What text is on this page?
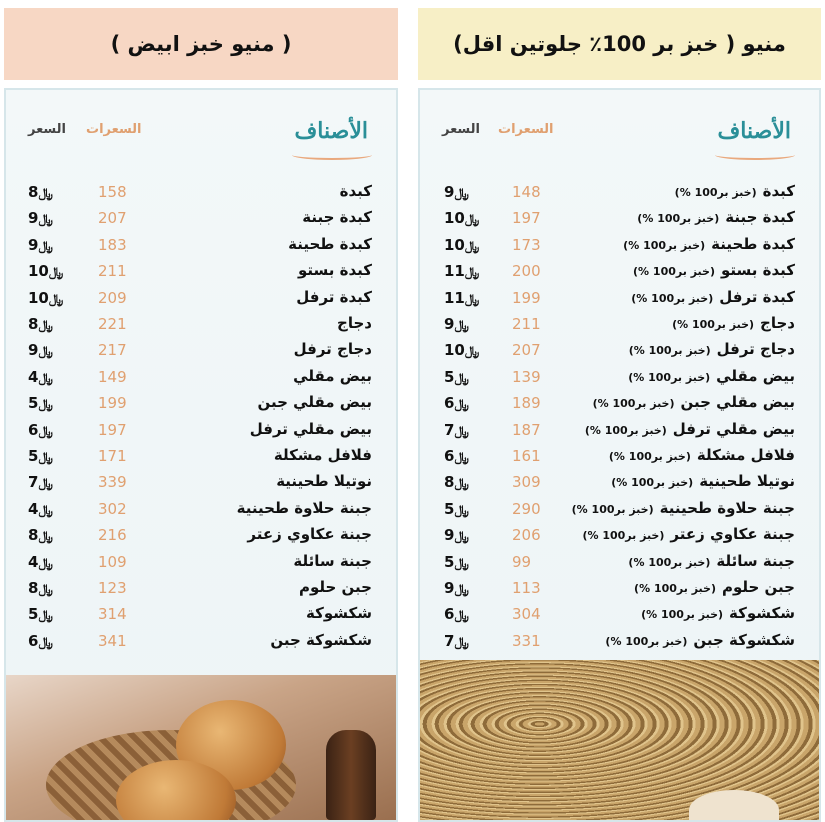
( منيو خبز ابيض )
الأصناف
السعرات
السعر
كبدة
158
﷼8
كبدة جبنة
207
﷼9
كبدة طحينة
183
﷼9
كبدة بستو
211
﷼10
كبدة ترفل
209
﷼10
دجاج
221
﷼8
دجاج ترفل
217
﷼9
بيض مقلي
149
﷼4
بيض مقلي جبن
199
﷼5
بيض مقلي ترفل
197
﷼6
فلافل مشكلة
171
﷼5
نوتيلا طحينية
339
﷼7
جبنة حلاوة طحينية
302
﷼4
جبنة عكاوي زعتر
216
﷼8
جبنة سائلة
109
﷼4
جبن حلوم
123
﷼8
شكشوكة
314
﷼5
شكشوكة جبن
341
﷼6
منيو ( خبز بر 100٪ جلوتين اقل)
الأصناف
السعرات
السعر
كبدة(خبز بر100 %)
148
﷼9
كبدة جبنة(خبز بر100 %)
197
﷼10
كبدة طحينة(خبز بر100 %)
173
﷼10
كبدة بستو(خبز بر100 %)
200
﷼11
كبدة ترفل(خبز بر100 %)
199
﷼11
دجاج(خبز بر100 %)
211
﷼9
دجاج ترفل(خبز بر100 %)
207
﷼10
بيض مقلي(خبز بر100 %)
139
﷼5
بيض مقلي جبن(خبز بر100 %)
189
﷼6
بيض مقلي ترفل(خبز بر100 %)
187
﷼7
فلافل مشكلة(خبز بر100 %)
161
﷼6
نوتيلا طحينية(خبز بر100 %)
309
﷼8
جبنة حلاوة طحينية(خبز بر100 %)
290
﷼5
جبنة عكاوي زعتر(خبز بر100 %)
206
﷼9
جبنة سائلة(خبز بر100 %)
99
﷼5
جبن حلوم(خبز بر100 %)
113
﷼9
شكشوكة(خبز بر100 %)
304
﷼6
شكشوكة جبن(خبز بر100 %)
331
﷼7
